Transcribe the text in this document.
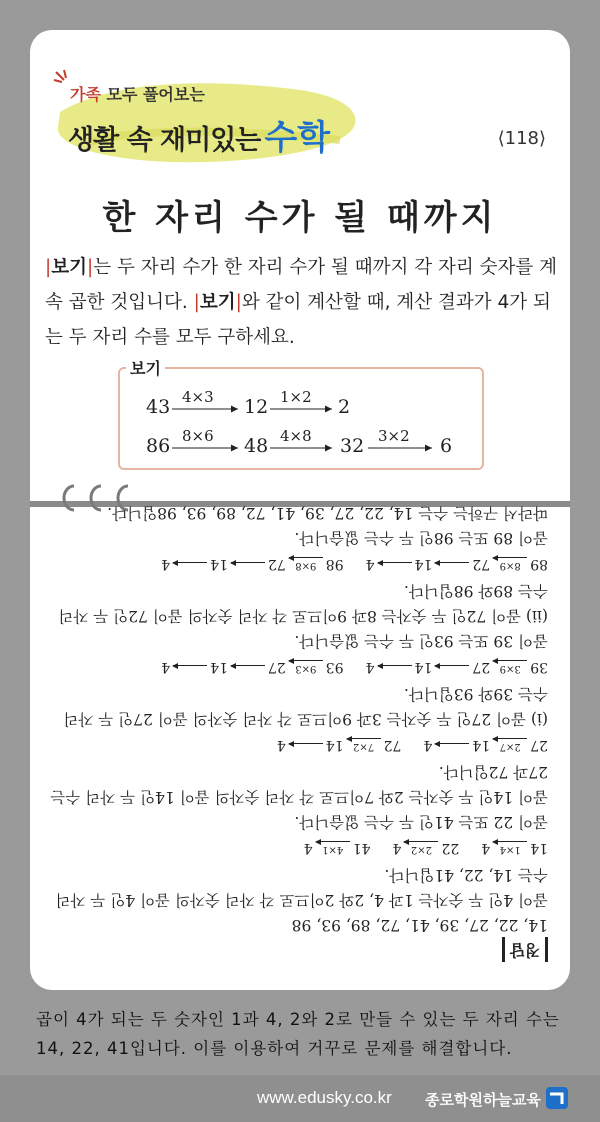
가족 모두 풀어보는
생활 속 재미있는 수학	⟨118⟩
한 자리 수가 될 때까지
|보기|는 두 자리 수가 한 자리 수가 될 때까지 각 자리 숫자를 계속 곱한 것입니다. |보기|와 같이 계산할 때, 계산 결과가 4가 되는 두 자리 수를 모두 구하세요.
보기
43 4×3 12 1×2 2
86 8×6 48 4×8 32 3×2 6
정답
14, 22, 27, 39, 41, 72, 89, 93, 98
곱이 4인 두 숫자는 1과 4, 2와 2이므로 각 자리 숫자의 곱이 4인 두 자리
수는 14, 22, 41입니다.
14
1×4
4
22
2×2
4
41
4×1
4
곱이 22 또는 41인 두 수는 없습니다.
곱이 14인 두 숫자는 2와 7이므로 각 자리 숫자의 곱이 14인 두 자리 수는
27과 72입니다.
27
2×7
14
4
72
7×2
14
4
(i) 곱이 27인 두 숫자는 3과 9이므로 각 자리 숫자의 곱이 27인 두 자리
수는 39와 93입니다.
39
3×9
27
14
4
93
9×3
27
14
4
곱이 39 또는 93인 두 수는 없습니다.
(ii) 곱이 72인 두 숫자는 8과 9이므로 각 자리 숫자의 곱이 72인 두 자리
수는 89와 98입니다.
89
8×9
72
14
4
98
9×8
72
14
4
곱이 89 또는 98인 두 수는 없습니다.
따라서 구하는 수는 14, 22, 27, 39, 41, 72, 89, 93, 98입니다.
곱이 4가 되는 두 숫자인 1과 4, 2와 2로 만들 수 있는 두 자리 수는 14, 22, 41입니다. 이를 이용하여 거꾸로 문제를 해결합니다.
www.edusky.co.kr 종로학원하늘교육
